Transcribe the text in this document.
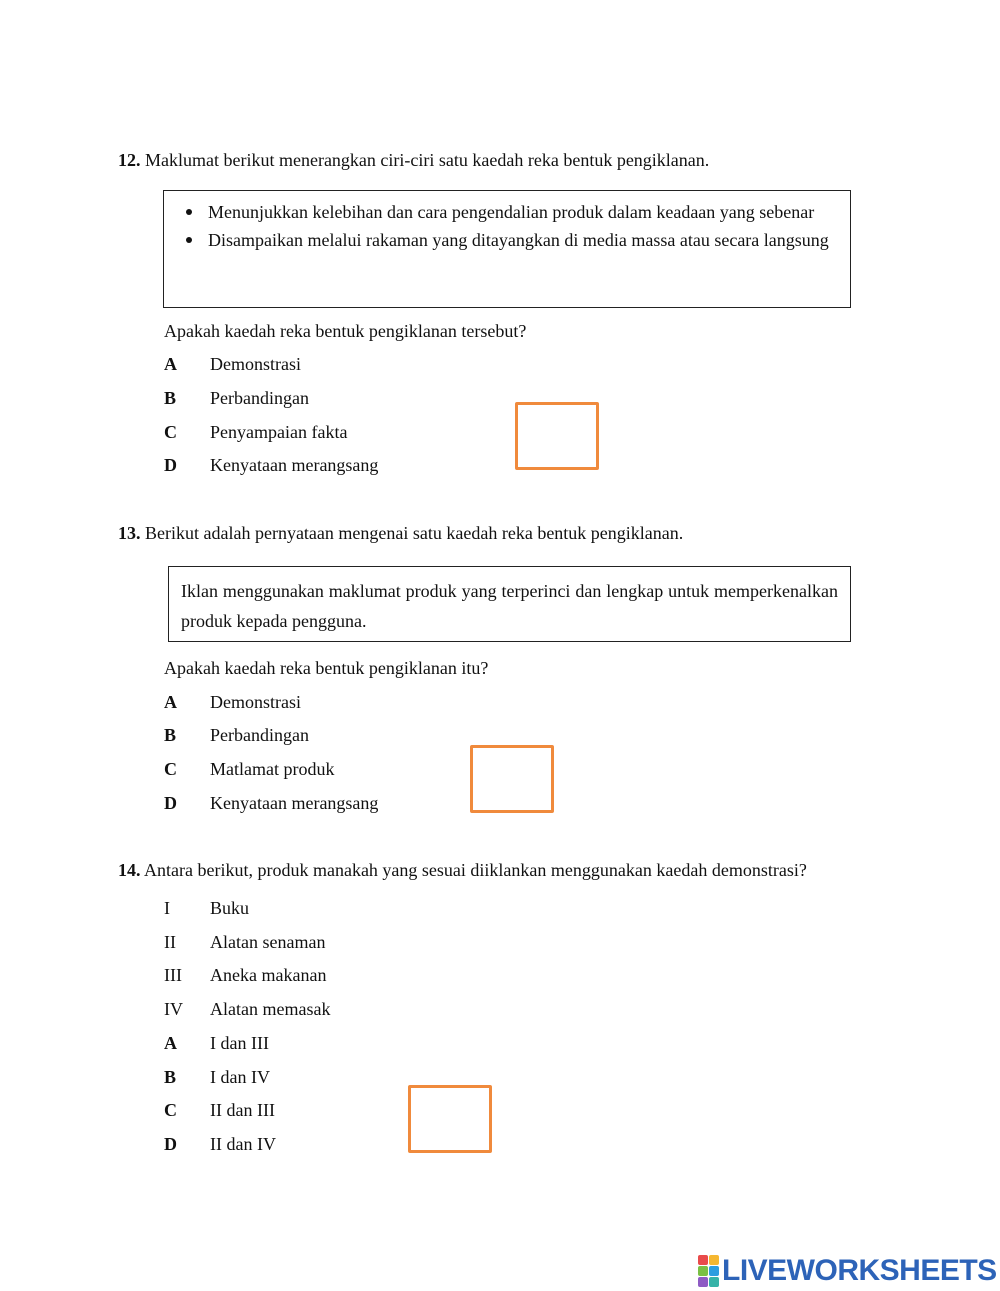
12. Maklumat berikut menerangkan ciri-ciri satu kaedah reka bentuk pengiklanan.
Menunjukkan kelebihan dan cara pengendalian produk dalam keadaan yang sebenar
Disampaikan melalui rakaman yang ditayangkan di media massa atau secara langsung
Apakah kaedah reka bentuk pengiklanan tersebut?
A Demonstrasi
B Perbandingan
C Penyampaian fakta
D Kenyataan merangsang
13. Berikut adalah pernyataan mengenai satu kaedah reka bentuk pengiklanan.
Iklan menggunakan maklumat produk yang terperinci dan lengkap untuk memperkenalkan produk kepada pengguna.
Apakah kaedah reka bentuk pengiklanan itu?
A Demonstrasi
B Perbandingan
C Matlamat produk
D Kenyataan merangsang
14. Antara berikut, produk manakah yang sesuai diiklankan menggunakan kaedah demonstrasi?
I Buku
II Alatan senaman
III Aneka makanan
IV Alatan memasak
A I dan III
B I dan IV
C II dan III
D II dan IV
LIVEWORKSHEETS
